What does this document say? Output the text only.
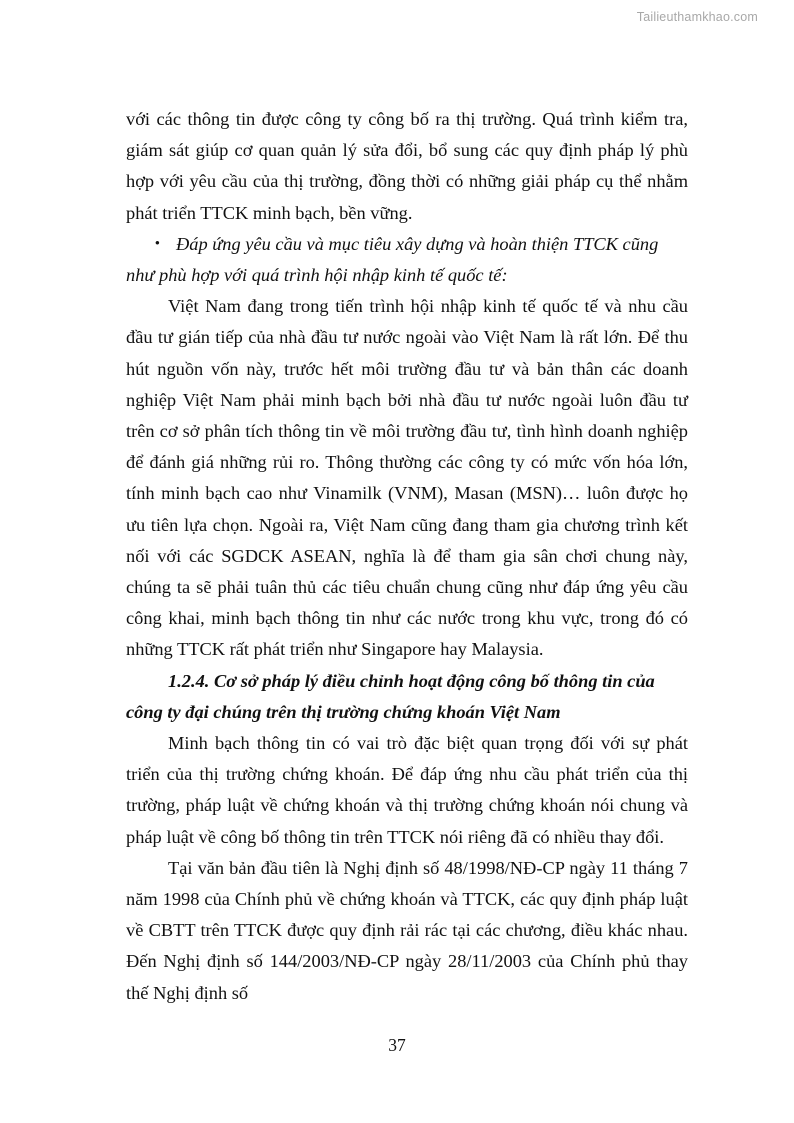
Tailieuthamkhao.com

với các thông tin được công ty công bố ra thị trường. Quá trình kiểm tra, giám sát giúp cơ quan quản lý sửa đổi, bổ sung các quy định pháp lý phù hợp với yêu cầu của thị trường, đồng thời có những giải pháp cụ thể nhằm phát triển TTCK minh bạch, bền vững.

• Đáp ứng yêu cầu và mục tiêu xây dựng và hoàn thiện TTCK cũng như phù hợp với quá trình hội nhập kinh tế quốc tế:

Việt Nam đang trong tiến trình hội nhập kinh tế quốc tế và nhu cầu đầu tư gián tiếp của nhà đầu tư nước ngoài vào Việt Nam là rất lớn. Để thu hút nguồn vốn này, trước hết môi trường đầu tư và bản thân các doanh nghiệp Việt Nam phải minh bạch bởi nhà đầu tư nước ngoài luôn đầu tư trên cơ sở phân tích thông tin về môi trường đầu tư, tình hình doanh nghiệp để đánh giá những rủi ro. Thông thường các công ty có mức vốn hóa lớn, tính minh bạch cao như Vinamilk (VNM), Masan (MSN)… luôn được họ ưu tiên lựa chọn. Ngoài ra, Việt Nam cũng đang tham gia chương trình kết nối với các SGDCK ASEAN, nghĩa là để tham gia sân chơi chung này, chúng ta sẽ phải tuân thủ các tiêu chuẩn chung cũng như đáp ứng yêu cầu công khai, minh bạch thông tin như các nước trong khu vực, trong đó có những TTCK rất phát triển như Singapore hay Malaysia.

1.2.4. Cơ sở pháp lý điều chỉnh hoạt động công bố thông tin của công ty đại chúng trên thị trường chứng khoán Việt Nam

Minh bạch thông tin có vai trò đặc biệt quan trọng đối với sự phát triển của thị trường chứng khoán. Để đáp ứng nhu cầu phát triển của thị trường, pháp luật về chứng khoán và thị trường chứng khoán nói chung và pháp luật về công bố thông tin trên TTCK nói riêng đã có nhiều thay đổi.

Tại văn bản đầu tiên là Nghị định số 48/1998/NĐ-CP ngày 11 tháng 7 năm 1998 của Chính phủ về chứng khoán và TTCK, các quy định pháp luật về CBTT trên TTCK được quy định rải rác tại các chương, điều khác nhau. Đến Nghị định số 144/2003/NĐ-CP ngày 28/11/2003 của Chính phủ thay thế Nghị định số

37
